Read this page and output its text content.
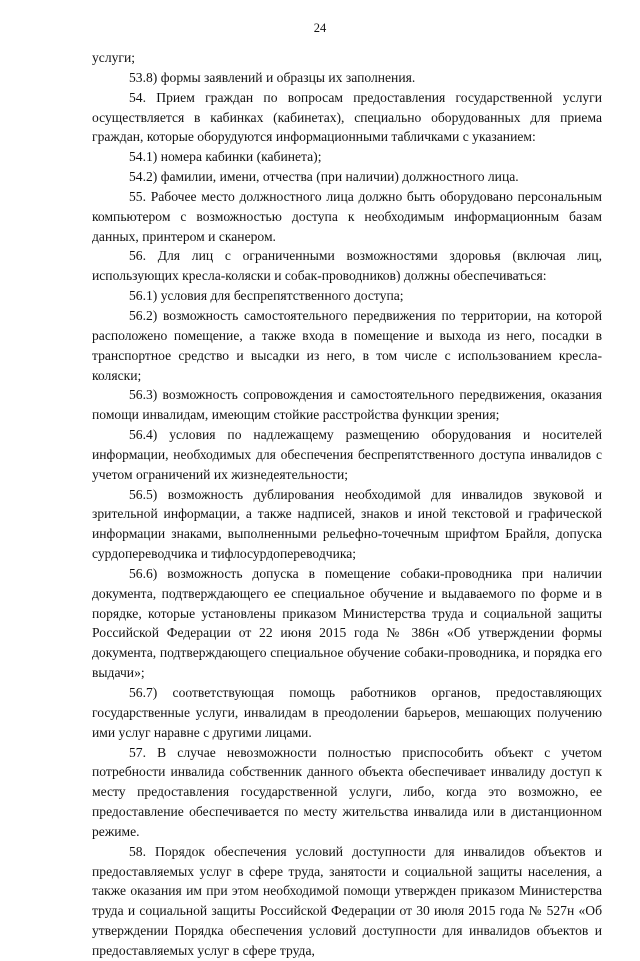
24

услуги;

53.8) формы заявлений и образцы их заполнения.

54. Прием граждан по вопросам предоставления государственной услуги осуществляется в кабинках (кабинетах), специально оборудованных для приема граждан, которые оборудуются информационными табличками с указанием:

54.1) номера кабинки (кабинета);

54.2) фамилии, имени, отчества (при наличии) должностного лица.

55. Рабочее место должностного лица должно быть оборудовано персональным компьютером с возможностью доступа к необходимым информационным базам данных, принтером и сканером.

56. Для лиц с ограниченными возможностями здоровья (включая лиц, использующих кресла-коляски и собак-проводников) должны обеспечиваться:

56.1) условия для беспрепятственного доступа;

56.2) возможность самостоятельного передвижения по территории, на которой расположено помещение, а также входа в помещение и выхода из него, посадки в транспортное средство и высадки из него, в том числе с использованием кресла-коляски;

56.3) возможность сопровождения и самостоятельного передвижения, оказания помощи инвалидам, имеющим стойкие расстройства функции зрения;

56.4) условия по надлежащему размещению оборудования и носителей информации, необходимых для обеспечения беспрепятственного доступа инвалидов с учетом ограничений их жизнедеятельности;

56.5) возможность дублирования необходимой для инвалидов звуковой и зрительной информации, а также надписей, знаков и иной текстовой и графической информации знаками, выполненными рельефно-точечным шрифтом Брайля, допуска сурдопереводчика и тифлосурдопереводчика;

56.6) возможность допуска в помещение собаки-проводника при наличии документа, подтверждающего ее специальное обучение и выдаваемого по форме и в порядке, которые установлены приказом Министерства труда и социальной защиты Российской Федерации от 22 июня 2015 года № 386н «Об утверждении формы документа, подтверждающего специальное обучение собаки-проводника, и порядка его выдачи»;

56.7) соответствующая помощь работников органов, предоставляющих государственные услуги, инвалидам в преодолении барьеров, мешающих получению ими услуг наравне с другими лицами.

57. В случае невозможности полностью приспособить объект с учетом потребности инвалида собственник данного объекта обеспечивает инвалиду доступ к месту предоставления государственной услуги, либо, когда это возможно, ее предоставление обеспечивается по месту жительства инвалида или в дистанционном режиме.

58. Порядок обеспечения условий доступности для инвалидов объектов и предоставляемых услуг в сфере труда, занятости и социальной защиты населения, а также оказания им при этом необходимой помощи утвержден приказом Министерства труда и социальной защиты Российской Федерации от 30 июля 2015 года № 527н «Об утверждении Порядка обеспечения условий доступности для инвалидов объектов и предоставляемых услуг в сфере труда,
